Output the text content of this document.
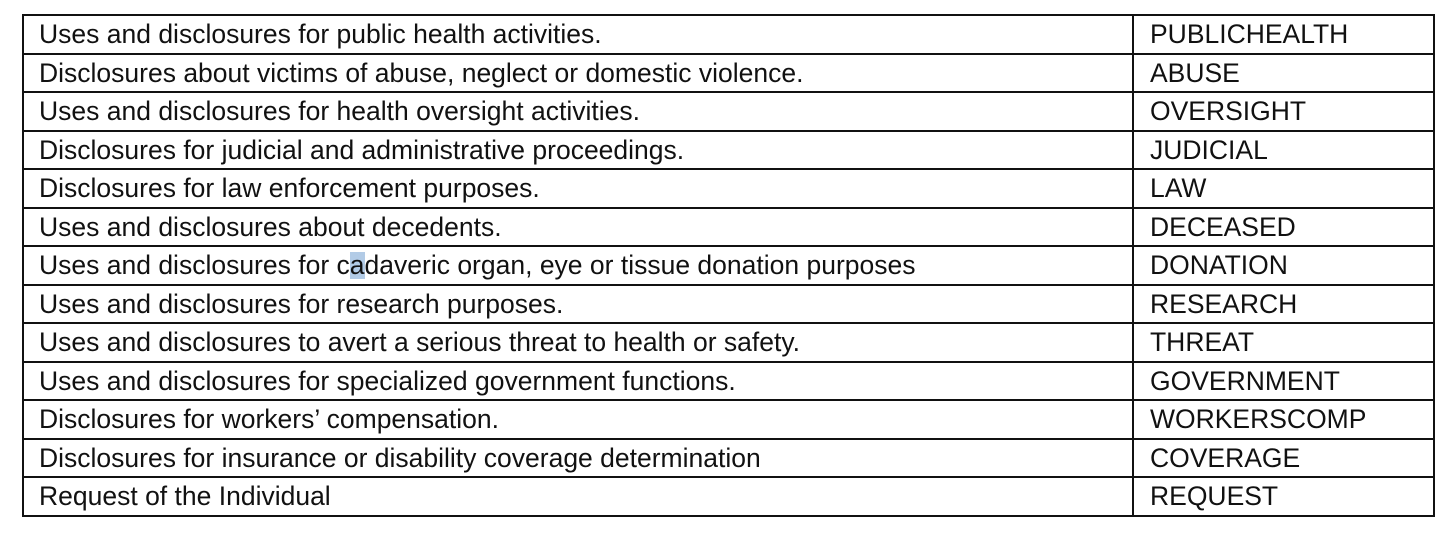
Uses and disclosures for public health activities.	PUBLICHEALTH
Disclosures about victims of abuse, neglect or domestic violence.	ABUSE
Uses and disclosures for health oversight activities.	OVERSIGHT
Disclosures for judicial and administrative proceedings.	JUDICIAL
Disclosures for law enforcement purposes.	LAW
Uses and disclosures about decedents.	DECEASED
Uses and disclosures for cadaveric organ, eye or tissue donation purposes	DONATION
Uses and disclosures for research purposes.	RESEARCH
Uses and disclosures to avert a serious threat to health or safety.	THREAT
Uses and disclosures for specialized government functions.	GOVERNMENT
Disclosures for workers’ compensation.	WORKERSCOMP
Disclosures for insurance or disability coverage determination	COVERAGE
Request of the Individual	REQUEST
